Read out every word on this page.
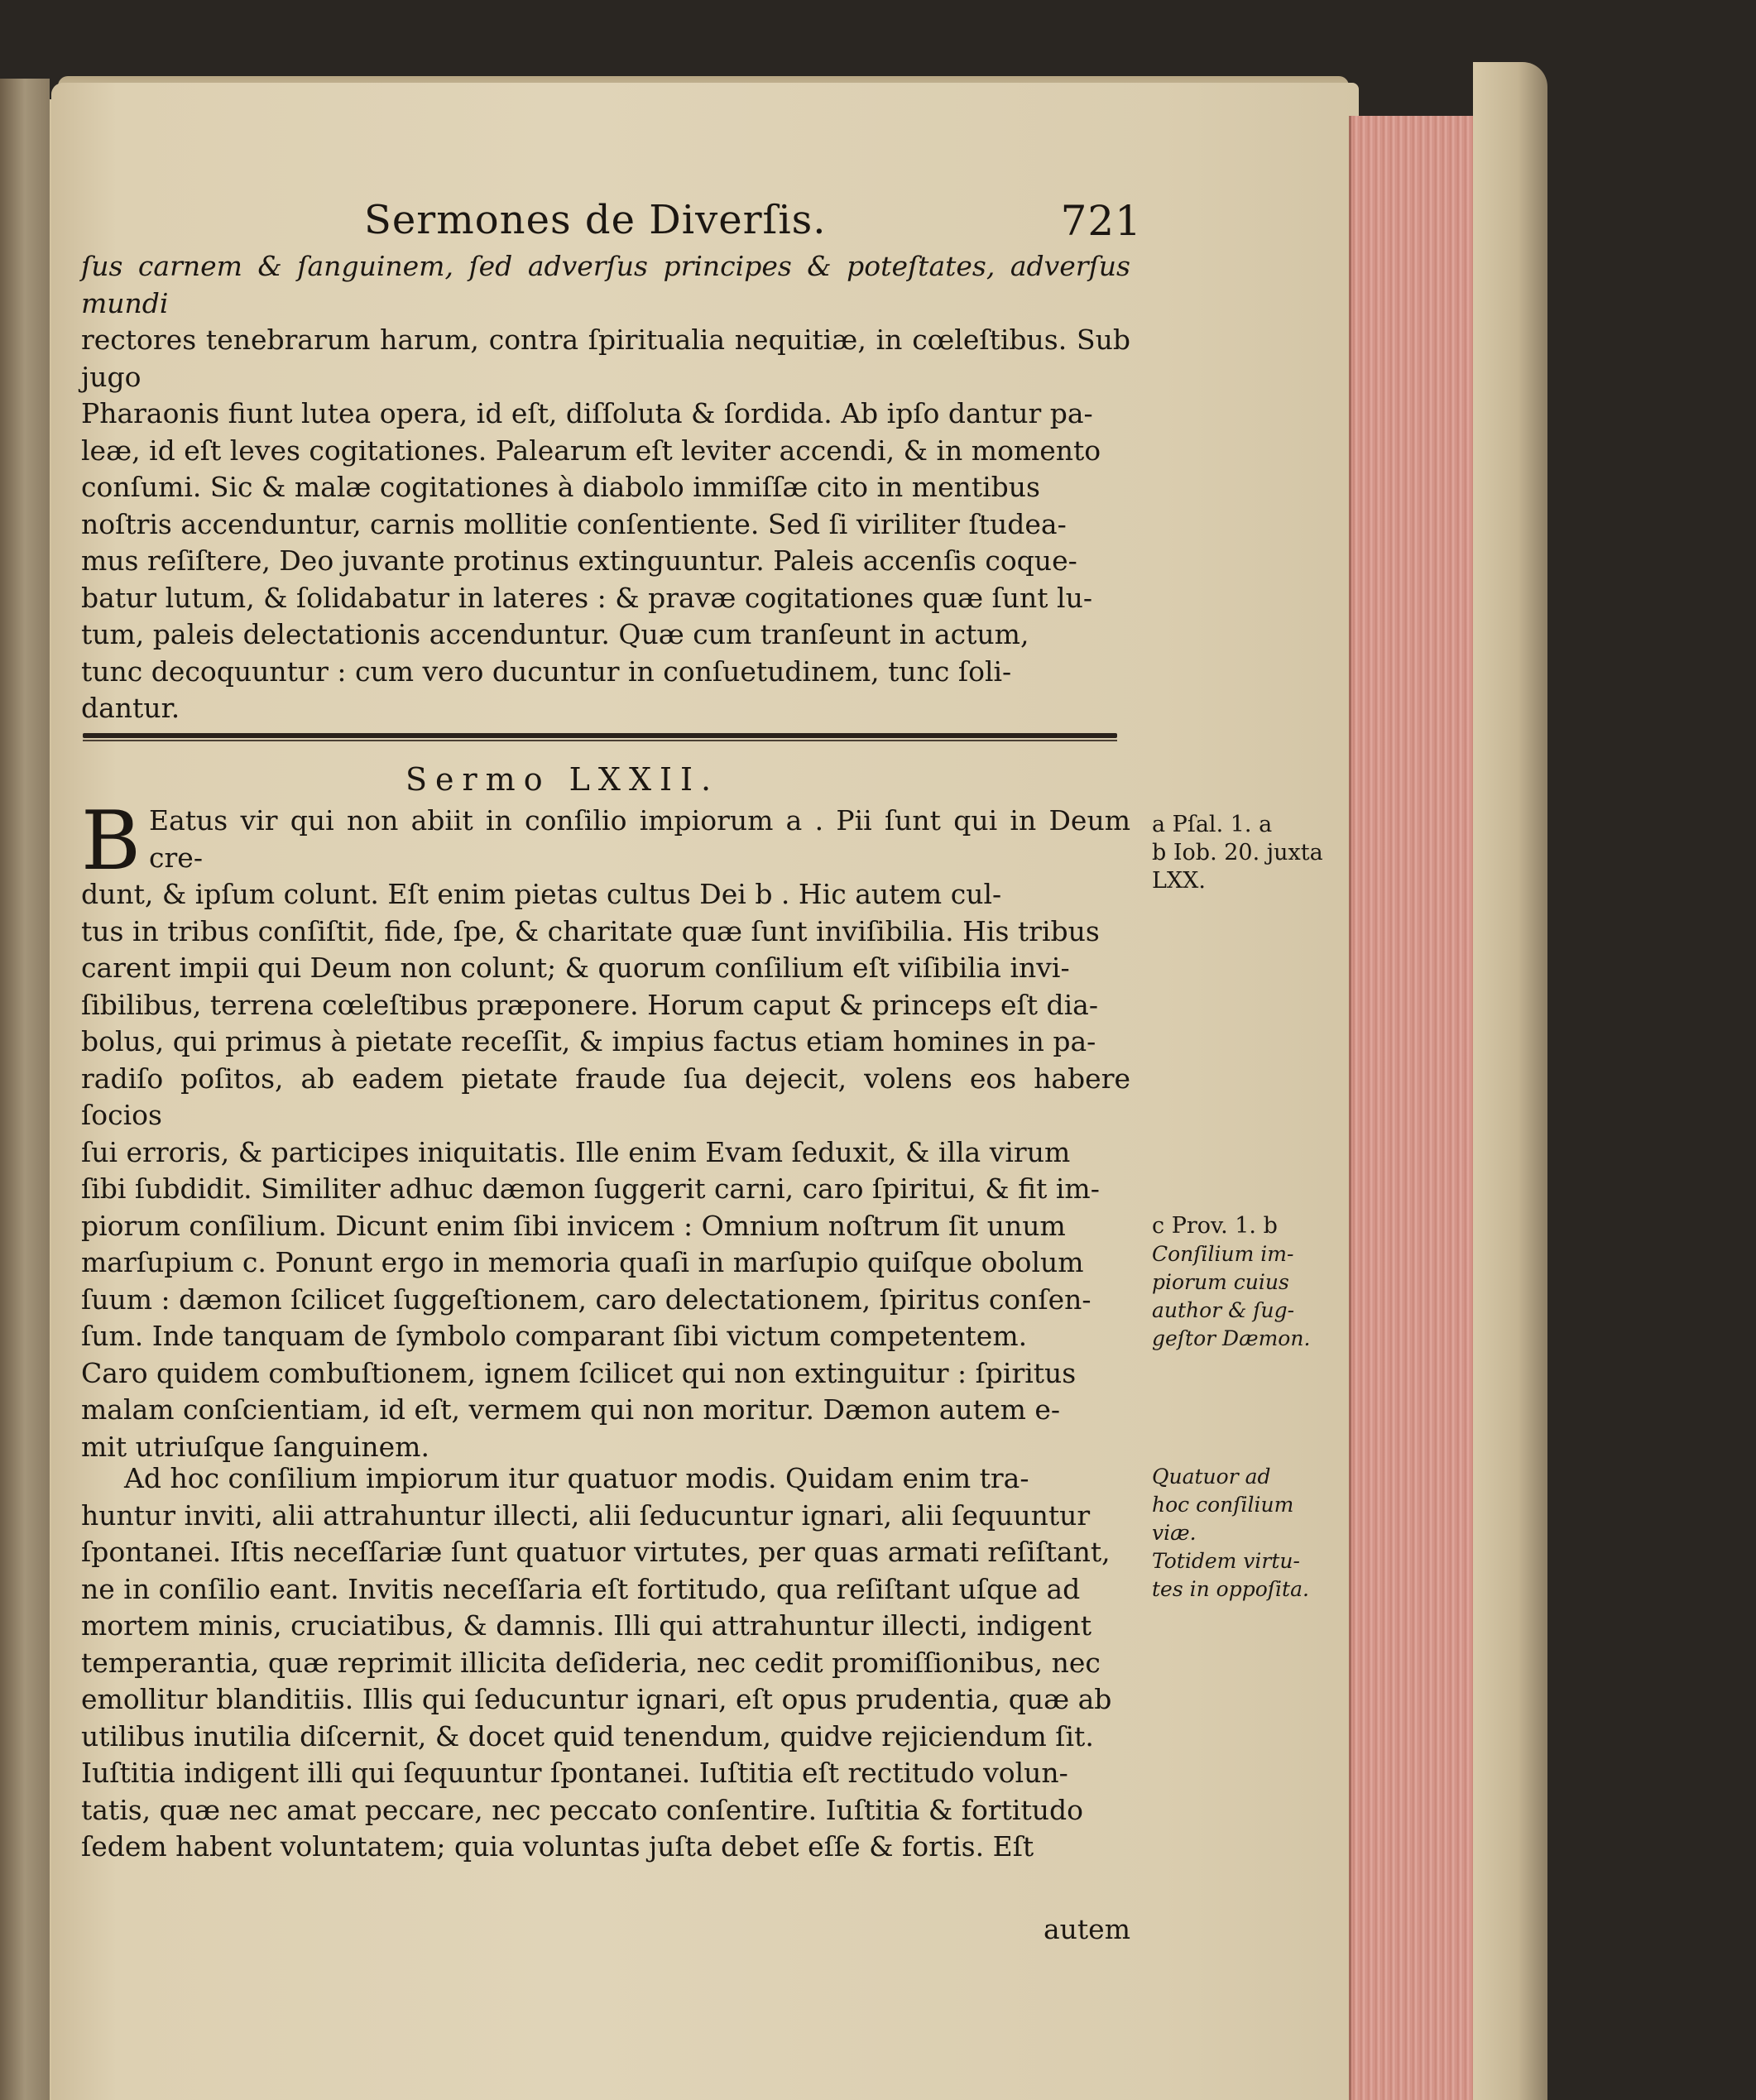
Sermones de Diverſis.	721

ſus carnem & ſanguinem, ſed adverſus principes & poteſtates, adverſus mundi

rectores tenebrarum harum, contra ſpiritualia nequitiæ, in cœleſtibus. Sub jugo

Pharaonis fiunt lutea opera, id eſt, diſſoluta & ſordida. Ab ipſo dantur pa-

leæ, id eſt leves cogitationes. Palearum eſt leviter accendi, & in momento

conſumi. Sic & malæ cogitationes à diabolo immiſſæ cito in mentibus

noſtris accenduntur, carnis mollitie conſentiente. Sed ſi viriliter ſtudea-

mus reſiſtere, Deo juvante protinus extinguuntur. Paleis accenſis coque-

batur lutum, & ſolidabatur in lateres : & pravæ cogitationes quæ ſunt lu-

tum, paleis delectationis accenduntur. Quæ cum tranſeunt in actum,

tunc decoquuntur : cum vero ducuntur in conſuetudinem, tunc ſoli-

dantur.

Sermo LXXII.
B Eatus vir qui non abiit in conſilio impiorum a . Pii ſunt qui in Deum cre-

dunt, & ipſum colunt. Eſt enim pietas cultus Dei b . Hic autem cul-

tus in tribus conſiſtit, fide, ſpe, & charitate quæ ſunt inviſibilia. His tribus

carent impii qui Deum non colunt; & quorum conſilium eſt viſibilia invi-

ſibilibus, terrena cœleſtibus præponere. Horum caput & princeps eſt dia-

bolus, qui primus à pietate receſſit, & impius factus etiam homines in pa-

radiſo poſitos, ab eadem pietate fraude ſua dejecit, volens eos habere ſocios

ſui erroris, & participes iniquitatis. Ille enim Evam ſeduxit, & illa virum

ſibi ſubdidit. Similiter adhuc dæmon ſuggerit carni, caro ſpiritui, & fit im-

piorum conſilium. Dicunt enim ſibi invicem : Omnium noſtrum ſit unum

marſupium c. Ponunt ergo in memoria quaſi in marſupio quiſque obolum

ſuum : dæmon ſcilicet ſuggeſtionem, caro delectationem, ſpiritus conſen-

ſum. Inde tanquam de ſymbolo comparant ſibi victum competentem.

Caro quidem combuſtionem, ignem ſcilicet qui non extinguitur : ſpiritus

malam conſcientiam, id eſt, vermem qui non moritur. Dæmon autem e-

mit utriuſque ſanguinem.

Ad hoc conſilium impiorum itur quatuor modis. Quidam enim tra-

huntur inviti, alii attrahuntur illecti, alii ſeducuntur ignari, alii ſequuntur

ſpontanei. Iſtis neceſſariæ ſunt quatuor virtutes, per quas armati reſiſtant,

ne in conſilio eant. Invitis neceſſaria eſt fortitudo, qua reſiſtant uſque ad

mortem minis, cruciatibus, & damnis. Illi qui attrahuntur illecti, indigent

temperantia, quæ reprimit illicita deſideria, nec cedit promiſſionibus, nec

emollitur blanditiis. Illis qui ſeducuntur ignari, eſt opus prudentia, quæ ab

utilibus inutilia diſcernit, & docet quid tenendum, quidve rejiciendum ſit.

Iuſtitia indigent illi qui ſequuntur ſpontanei. Iuſtitia eſt rectitudo volun-

tatis, quæ nec amat peccare, nec peccato conſentire. Iuſtitia & fortitudo

ſedem habent voluntatem; quia voluntas juſta debet eſſe & fortis. Eſt

autem
a Pſal. 1. a
b Iob. 20. juxta
LXX.
c Prov. 1. b
Conſilium im-
piorum cuius
author & ſug-
geſtor Dæmon.
Quatuor ad
hoc conſilium
viæ.
Totidem virtu-
tes in oppoſita.
